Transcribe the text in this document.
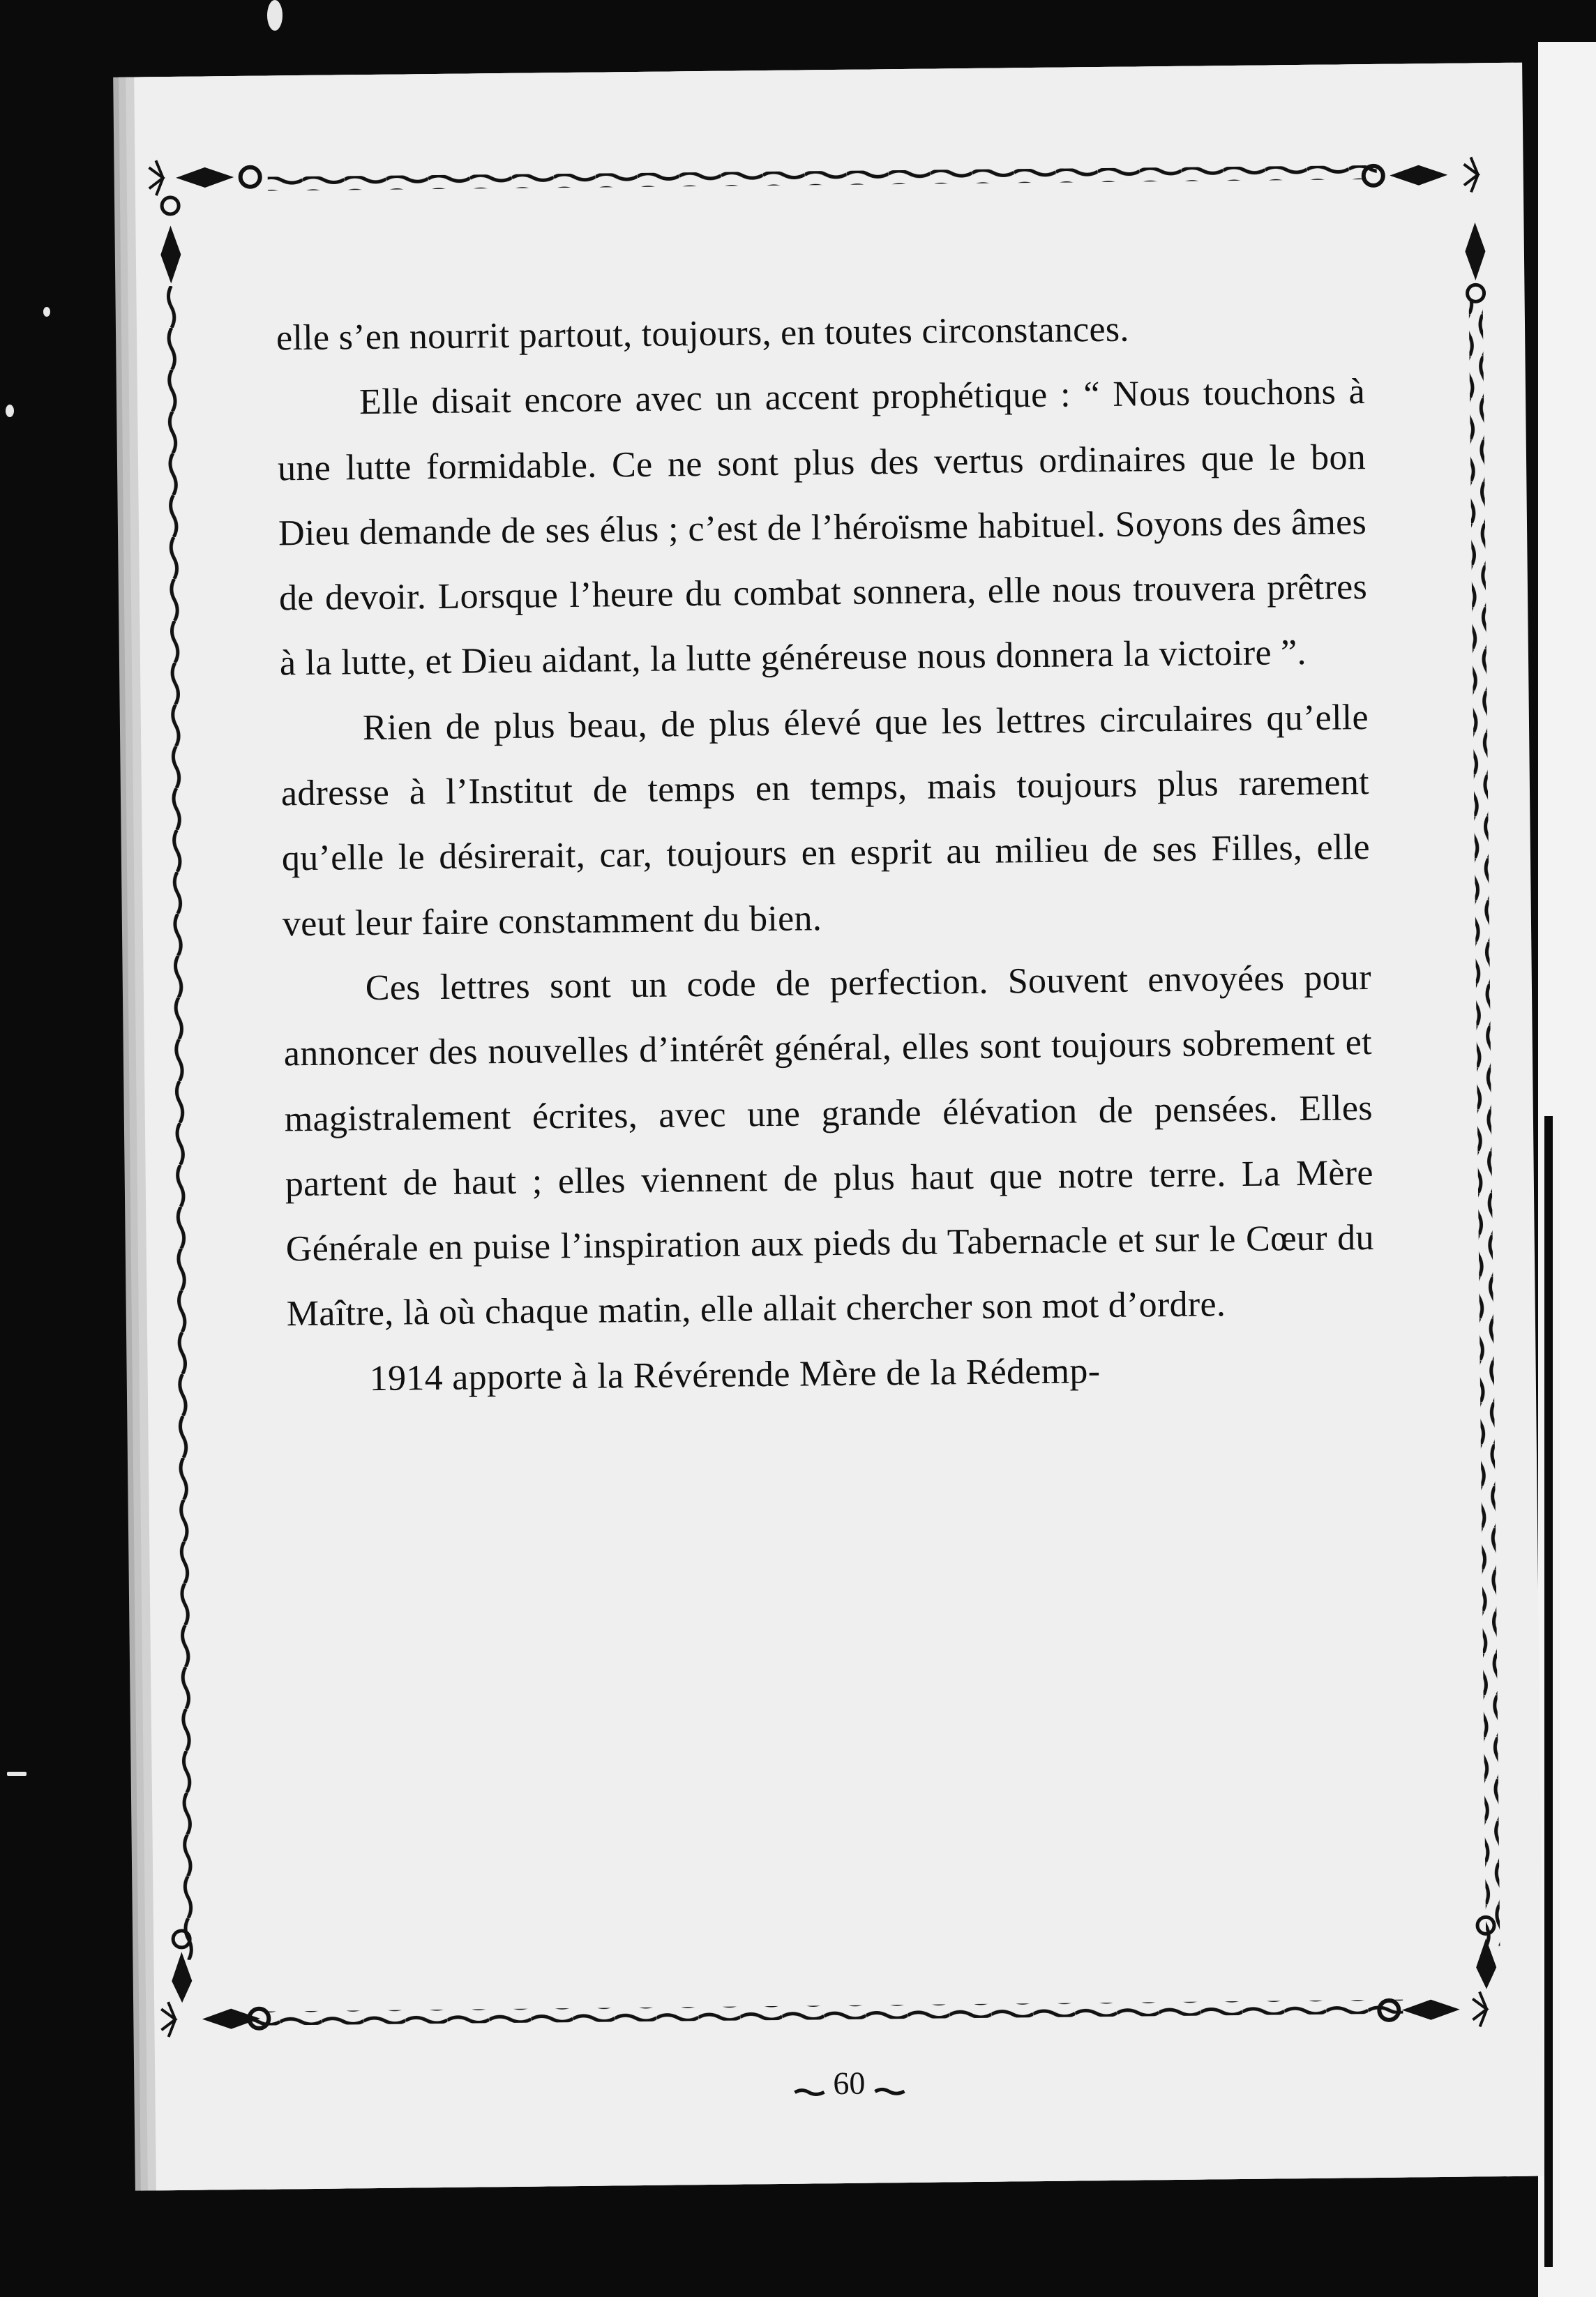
elle s’en nourrit partout, toujours, en toutes circonstances.

Elle disait encore avec un accent prophétique : “ Nous touchons à une lutte formidable. Ce ne sont plus des vertus ordinaires que le bon Dieu demande de ses élus ; c’est de l’héroïsme habituel. Soyons des âmes de devoir. Lorsque l’heure du combat sonnera, elle nous trouvera prêtres à la lutte, et Dieu aidant, la lutte généreuse nous donnera la victoire ”.

Rien de plus beau, de plus élevé que les lettres circulaires qu’elle adresse à l’Institut de temps en temps, mais toujours plus rarement qu’elle le désirerait, car, toujours en esprit au milieu de ses Filles, elle veut leur faire constamment du bien.

Ces lettres sont un code de perfection. Souvent envoyées pour annoncer des nouvelles d’intérêt général, elles sont toujours sobrement et magistralement écrites, avec une grande élévation de pensées. Elles partent de haut ; elles viennent de plus haut que notre terre. La Mère Générale en puise l’inspiration aux pieds du Tabernacle et sur le Cœur du Maître, là où chaque matin, elle allait chercher son mot d’ordre.

1914 apporte à la Révérende Mère de la Rédemp-

60
